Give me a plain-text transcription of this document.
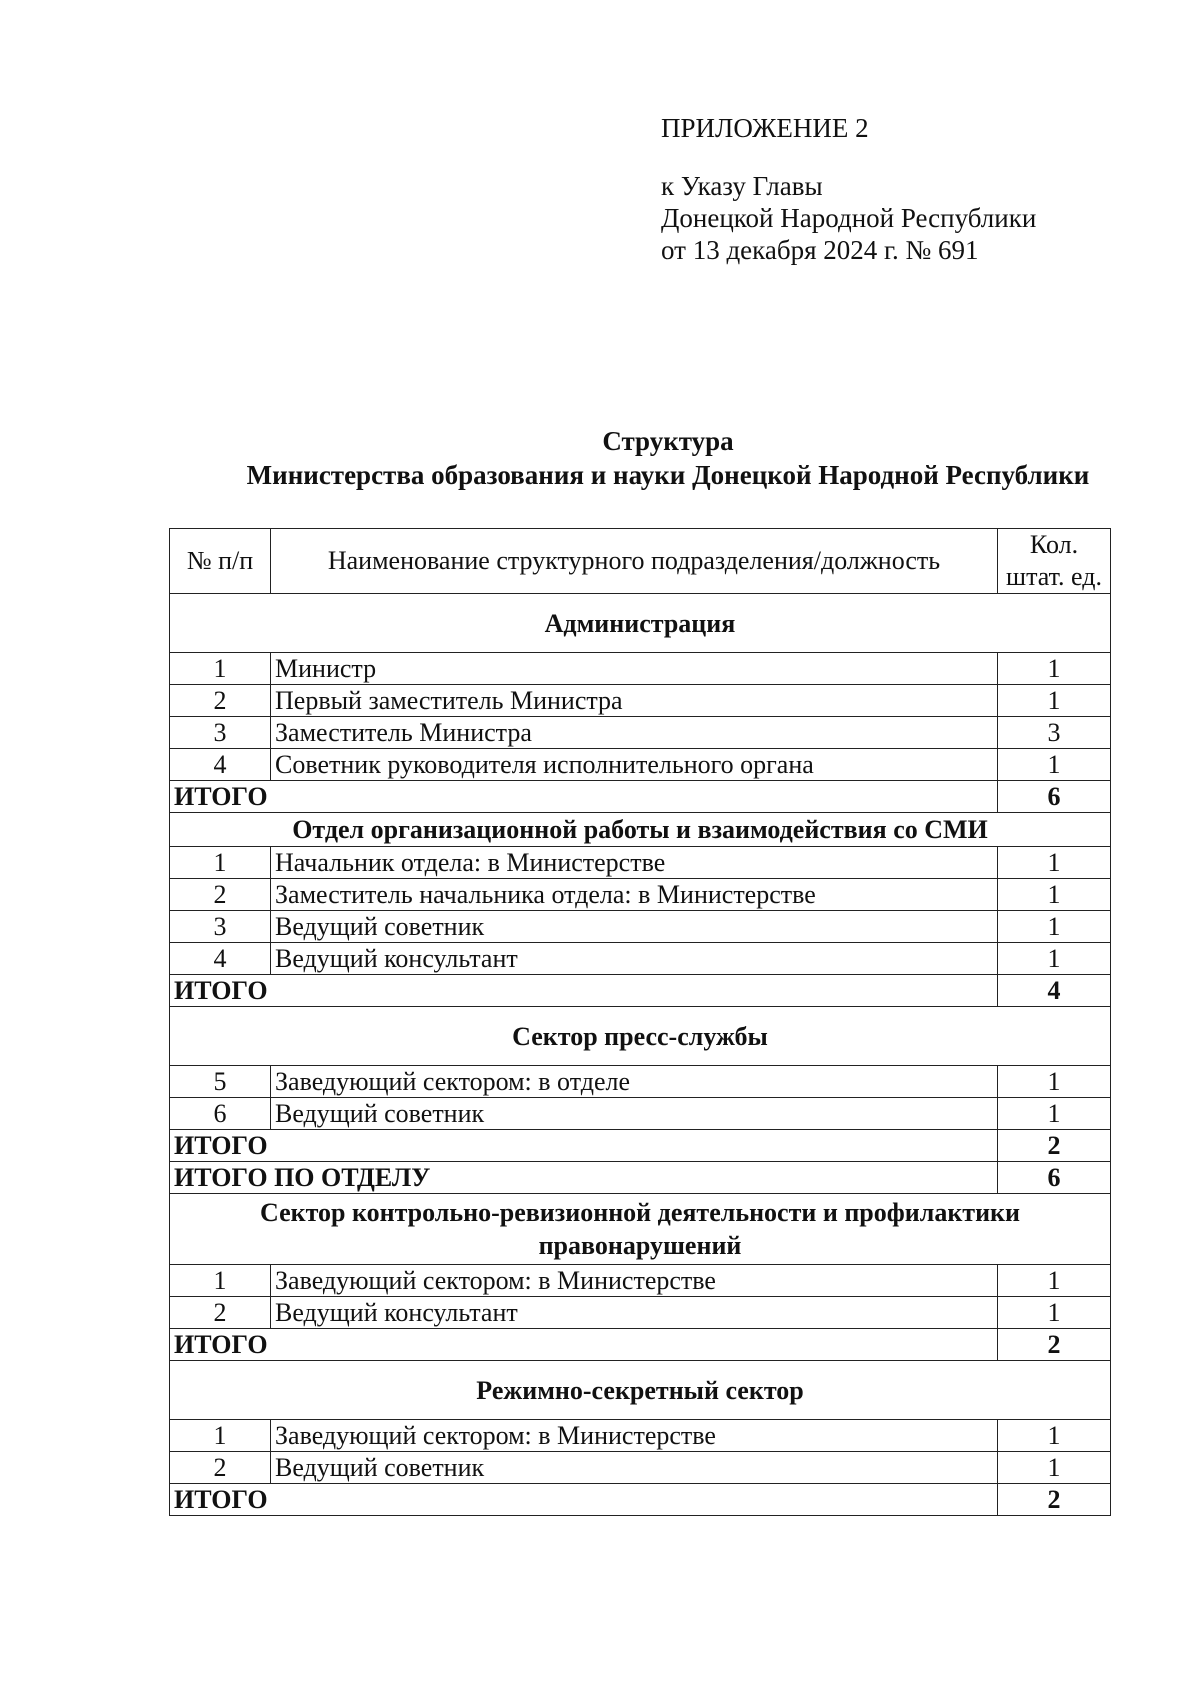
ПРИЛОЖЕНИЕ 2
к Указу Главы
Донецкой Народной Республики
от 13 декабря 2024 г. № 691
Структура
Министерства образования и науки Донецкой Народной Республики
№ п/п	Наименование структурного подразделения/должность	Кол. штат. ед.
Администрация		
1	Министр	1
2	Первый заместитель Министра	1
3	Заместитель Министра	3
4	Советник руководителя исполнительного органа	1
ИТОГО		6
Отдел организационной работы и взаимодействия со СМИ		
1	Начальник отдела: в Министерстве	1
2	Заместитель начальника отдела: в Министерстве	1
3	Ведущий советник	1
4	Ведущий консультант	1
ИТОГО		4
Сектор пресс-службы		
5	Заведующий сектором: в отделе	1
6	Ведущий советник	1
ИТОГО		2
ИТОГО ПО ОТДЕЛУ		6
Сектор контрольно-ревизионной деятельности и профилактики правонарушений		
1	Заведующий сектором: в Министерстве	1
2	Ведущий консультант	1
ИТОГО		2
Режимно-секретный сектор		
1	Заведующий сектором: в Министерстве	1
2	Ведущий советник	1
ИТОГО		2
